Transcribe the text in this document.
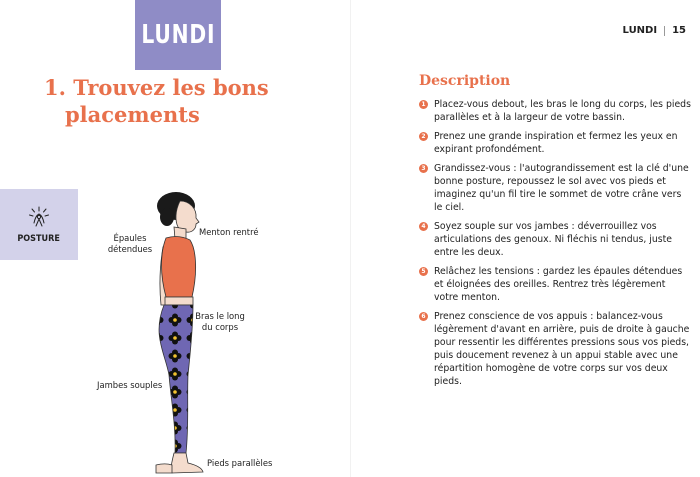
LUNDI
1. Trouvez les bons
placements
POSTURE	Épaules détendues
Menton rentré
Bras le long du corps
Jambes souples
Pieds parallèles
LUNDI 15
Description
1 Placez-vous debout, les bras le long du corps, les pieds parallèles et à la largeur de votre bassin.
2 Prenez une grande inspiration et fermez les yeux en expirant profondément.
3 Grandissez-vous : l'autograndissement est la clé d'une bonne posture, repoussez le sol avec vos pieds et imaginez qu'un fil tire le sommet de votre crâne vers le ciel.
4 Soyez souple sur vos jambes : déverrouillez vos articulations des genoux. Ni fléchis ni tendus, juste entre les deux.
5 Relâchez les tensions : gardez les épaules détendues et éloignées des oreilles. Rentrez très légèrement votre menton.
6 Prenez conscience de vos appuis : balancez-vous légèrement d'avant en arrière, puis de droite à gauche pour ressentir les différentes pressions sous vos pieds, puis doucement revenez à un appui stable avec une répartition homogène de votre corps sur vos deux pieds.
